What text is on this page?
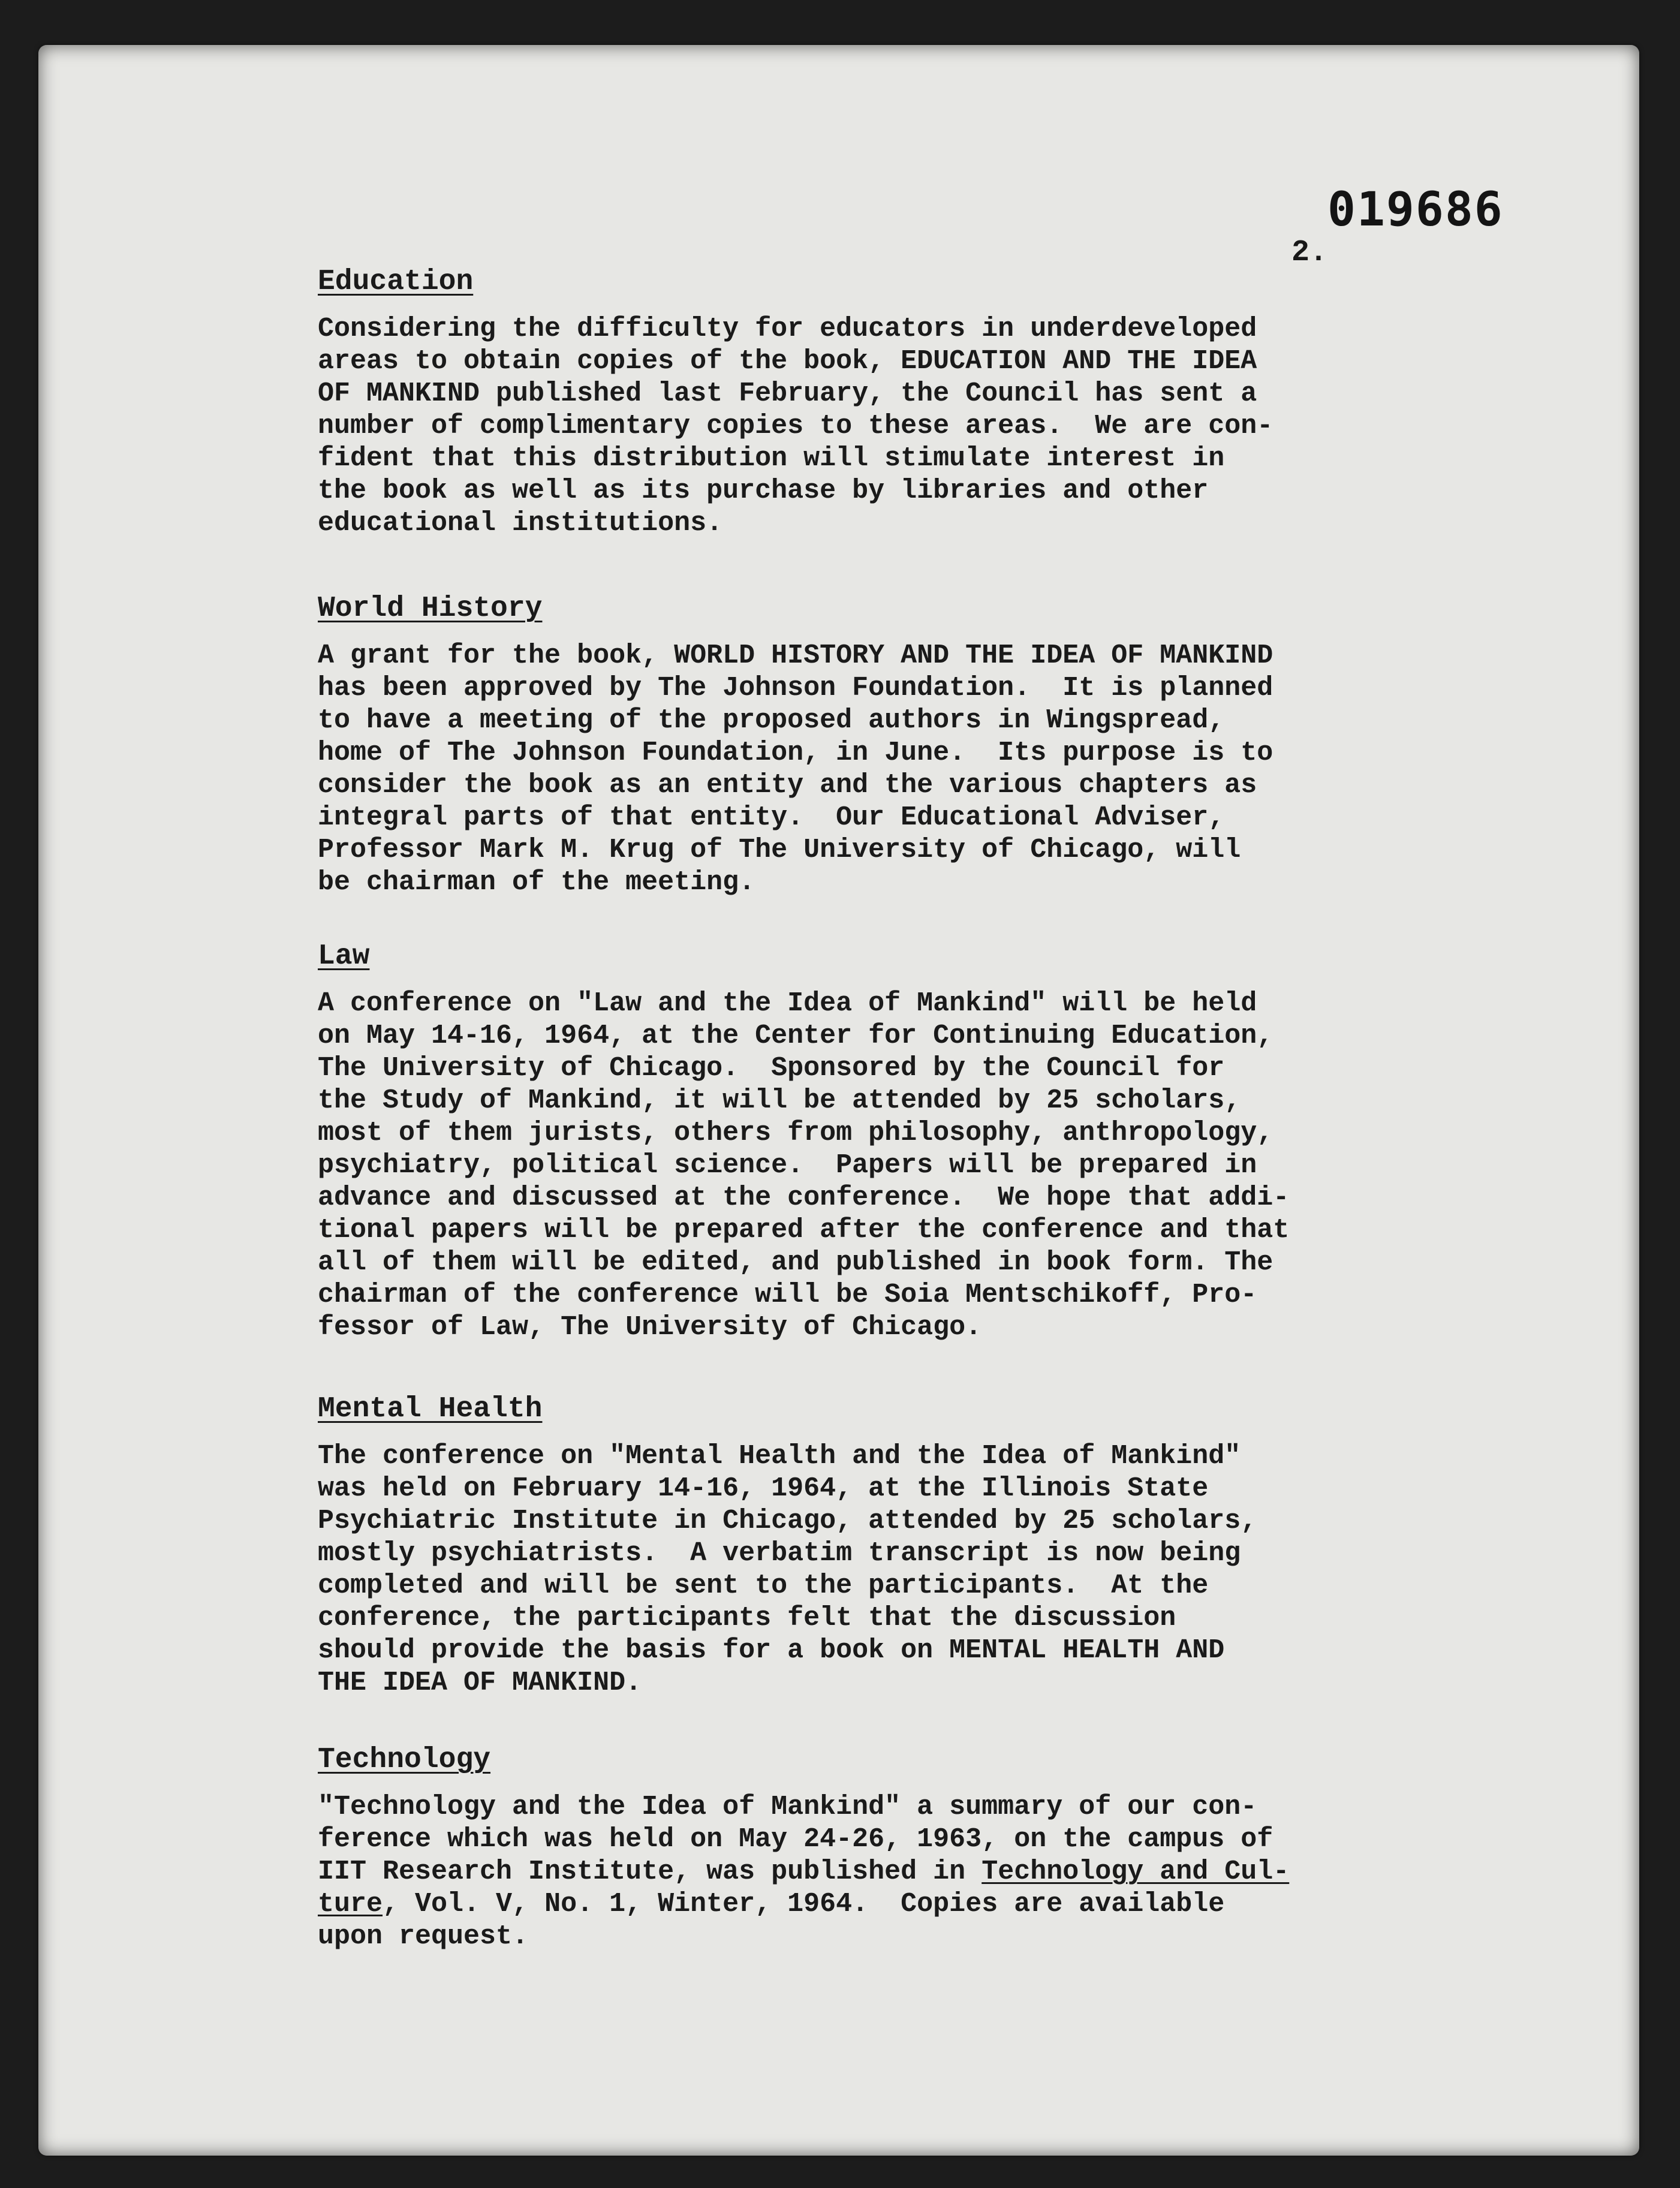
019686
2.
Education

Considering the difficulty for educators in underdeveloped
areas to obtain copies of the book, EDUCATION AND THE IDEA
OF MANKIND published last February, the Council has sent a
number of complimentary copies to these areas.  We are con-
fident that this distribution will stimulate interest in
the book as well as its purchase by libraries and other
educational institutions.

World History

A grant for the book, WORLD HISTORY AND THE IDEA OF MANKIND
has been approved by The Johnson Foundation.  It is planned
to have a meeting of the proposed authors in Wingspread,
home of The Johnson Foundation, in June.  Its purpose is to
consider the book as an entity and the various chapters as
integral parts of that entity.  Our Educational Adviser,
Professor Mark M. Krug of The University of Chicago, will
be chairman of the meeting.

Law

A conference on "Law and the Idea of Mankind" will be held
on May 14-16, 1964, at the Center for Continuing Education,
The University of Chicago.  Sponsored by the Council for
the Study of Mankind, it will be attended by 25 scholars,
most of them jurists, others from philosophy, anthropology,
psychiatry, political science.  Papers will be prepared in
advance and discussed at the conference.  We hope that addi-
tional papers will be prepared after the conference and that
all of them will be edited, and published in book form. The
chairman of the conference will be Soia Mentschikoff, Pro-
fessor of Law, The University of Chicago.

Mental Health

The conference on "Mental Health and the Idea of Mankind"
was held on February 14-16, 1964, at the Illinois State
Psychiatric Institute in Chicago, attended by 25 scholars,
mostly psychiatrists.  A verbatim transcript is now being
completed and will be sent to the participants.  At the
conference, the participants felt that the discussion
should provide the basis for a book on MENTAL HEALTH AND
THE IDEA OF MANKIND.

Technology

"Technology and the Idea of Mankind" a summary of our con-
ference which was held on May 24-26, 1963, on the campus of
IIT Research Institute, was published in Technology and Cul-
ture, Vol. V, No. 1, Winter, 1964.  Copies are available
upon request.
